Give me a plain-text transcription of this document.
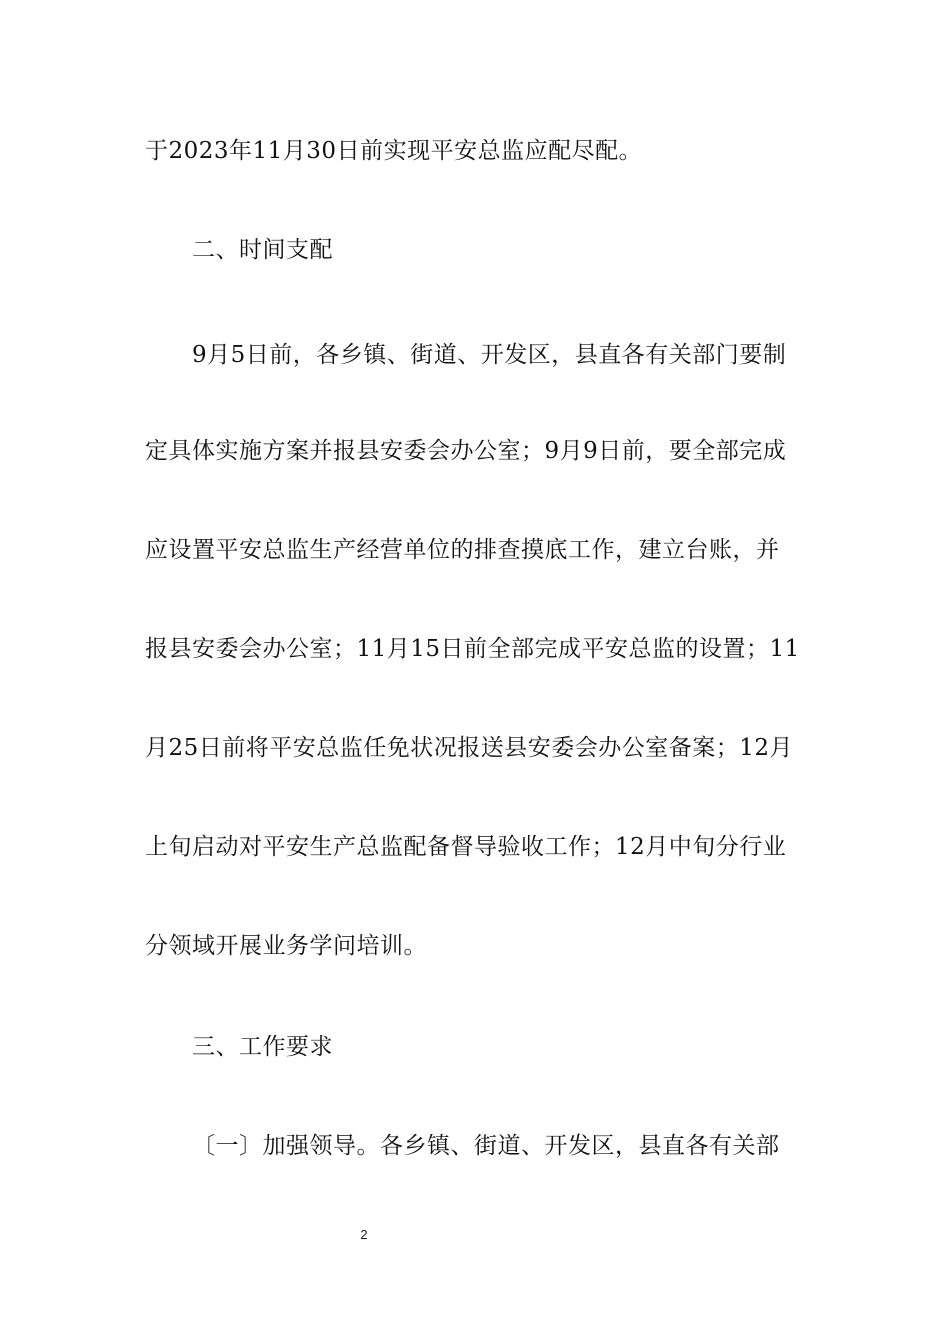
于2023年11月30日前实现平安总监应配尽配。
二、时间支配
9月5日前，各乡镇、街道、开发区，县直各有关部门要制
定具体实施方案并报县安委会办公室；9月9日前，要全部完成
应设置平安总监生产经营单位的排查摸底工作，建立台账，并
报县安委会办公室；11月15日前全部完成平安总监的设置；11
月25日前将平安总监任免状况报送县安委会办公室备案；12月
上旬启动对平安生产总监配备督导验收工作；12月中旬分行业
分领域开展业务学问培训。
三、工作要求
〔一〕加强领导。各乡镇、街道、开发区，县直各有关部
2
